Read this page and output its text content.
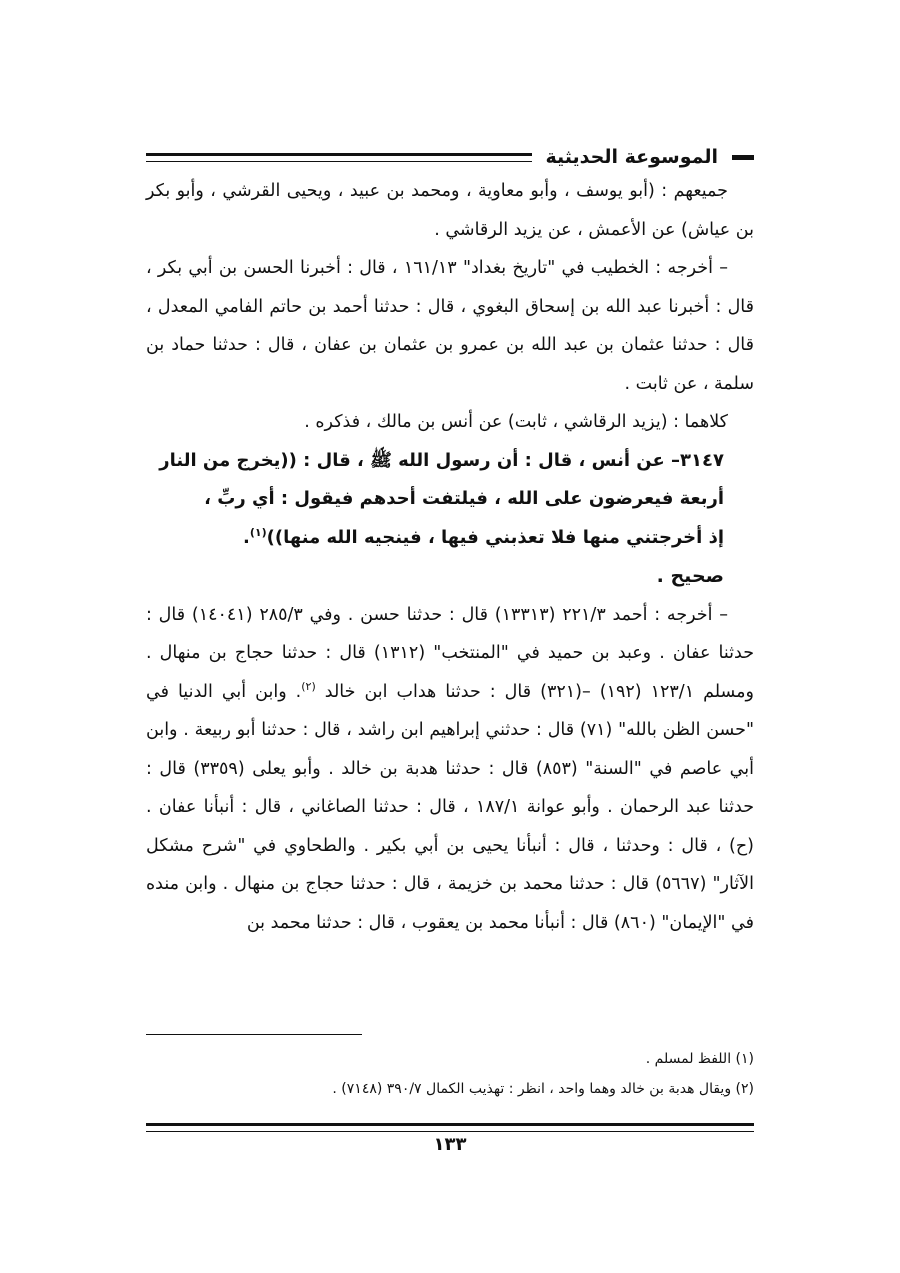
الموسوعة الحديثية

جميعهم : (أبو يوسف ، وأبو معاوية ، ومحمد بن عبيد ، ويحيى القرشي ، وأبو بكر بن عياش) عن الأعمش ، عن يزيد الرقاشي .

– أخرجه : الخطيب في "تاريخ بغداد" ١٦١/١٣ ، قال : أخبرنا الحسن بن أبي بكر ، قال : أخبرنا عبد الله بن إسحاق البغوي ، قال : حدثنا أحمد بن حاتم الفامي المعدل ، قال : حدثنا عثمان بن عبد الله بن عمرو بن عثمان بن عفان ، قال : حدثنا حماد بن سلمة ، عن ثابت .

كلاهما : (يزيد الرقاشي ، ثابت) عن أنس بن مالك ، فذكره .

٣١٤٧– عن أنس ، قال : أن رسول الله ﷺ ، قال : ((يخرج من النار

أربعة فيعرضون على الله ، فيلتفت أحدهم فيقول : أي ربِّ ،

إذ أخرجتني منها فلا تعذبني فيها ، فينجيه الله منها))$^{(١)}$.

صحيح .

– أخرجه : أحمد ٢٢١/٣ (١٣٣١٣) قال : حدثنا حسن . وفي ٢٨٥/٣ (١٤٠٤١) قال : حدثنا عفان . وعبد بن حميد في "المنتخب" (١٣١٢) قال : حدثنا حجاج بن منهال . ومسلم ١٢٣/١ (١٩٢) –(٣٢١) قال : حدثنا هداب ابن خالد $^{(٢)}$. وابن أبي الدنيا في "حسن الظن بالله" (٧١) قال : حدثني إبراهيم ابن راشد ، قال : حدثنا أبو ربيعة . وابن أبي عاصم في "السنة" (٨٥٣) قال : حدثنا هدبة بن خالد . وأبو يعلى (٣٣٥٩) قال : حدثنا عبد الرحمان . وأبو عوانة ١٨٧/١ ، قال : حدثنا الصاغاني ، قال : أنبأنا عفان . (ح) ، قال : وحدثنا ، قال : أنبأنا يحيى بن أبي بكير . والطحاوي في "شرح مشكل الآثار" (٥٦٦٧) قال : حدثنا محمد بن خزيمة ، قال : حدثنا حجاج بن منهال . وابن منده في "الإيمان" (٨٦٠) قال : أنبأنا محمد بن يعقوب ، قال : حدثنا محمد بن

(١) اللفظ لمسلم .

(٢) ويقال هدبة بن خالد وهما واحد ، انظر : تهذيب الكمال ٣٩٠/٧ (٧١٤٨) .

١٣٣
